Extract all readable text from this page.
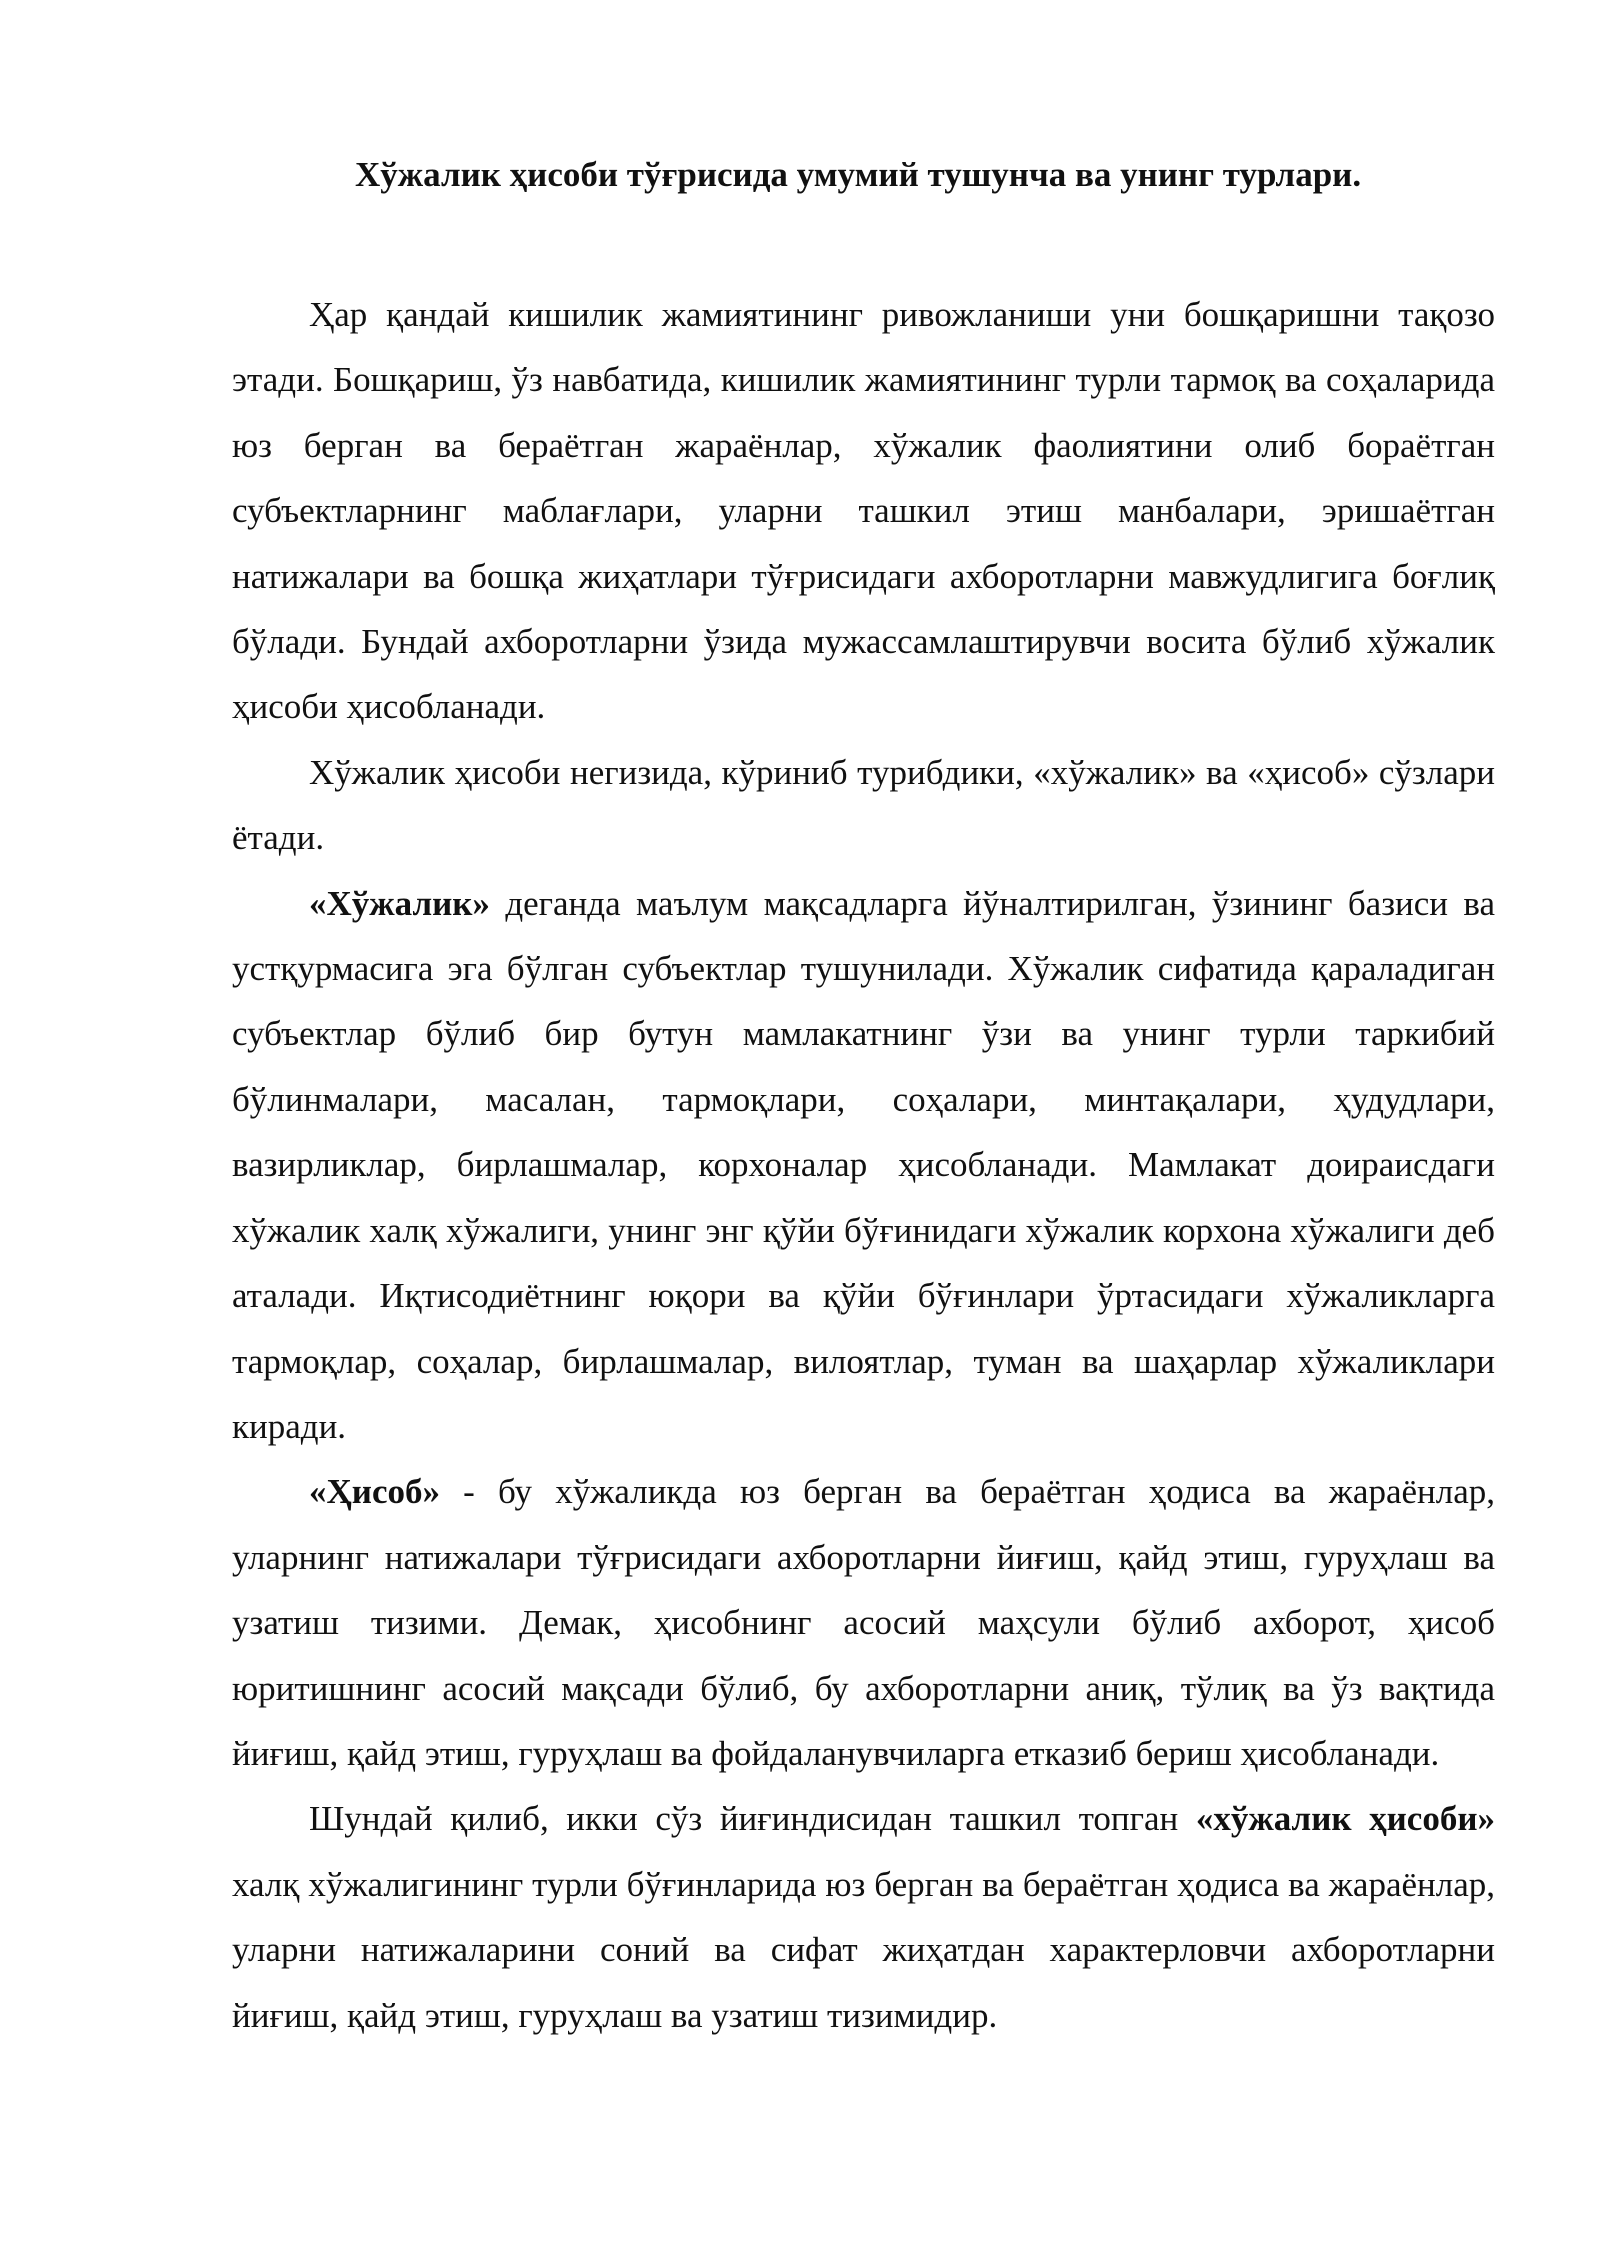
Хўжалик ҳисоби тўғрисида умумий тушунча ва унинг турлари.

Ҳар қандай кишилик жамиятининг ривожланиши уни бошқаришни тақозо этади. Бошқариш, ўз навбатида, кишилик жамиятининг турли тармоқ ва соҳаларида юз берган ва бераётган жараёнлар, хўжалик фаолиятини олиб бораётган субъектларнинг маблағлари, уларни ташкил этиш манбалари, эришаётган натижалари ва бошқа жиҳатлари тўғрисидаги ахборотларни мавжудлигига боғлиқ бўлади. Бундай ахборотларни ўзида мужассамлаштирувчи восита бўлиб хўжалик ҳисоби ҳисобланади.

Хўжалик ҳисоби негизида, кўриниб турибдики, «хўжалик» ва «ҳисоб» сўзлари ётади.

«Хўжалик» деганда маълум мақсадларга йўналтирилган, ўзининг базиси ва устқурмасига эга бўлган субъектлар тушунилади. Хўжалик сифатида қараладиган субъектлар бўлиб бир бутун мамлакатнинг ўзи ва унинг турли таркибий бўлинмалари, масалан, тармоқлари, соҳалари, минтақалари, ҳудудлари, вазирликлар, бирлашмалар, корхоналар ҳисобланади. Мамлакат доираисдаги хўжалик халқ хўжалиги, унинг энг қўйи бўғинидаги хўжалик корхона хўжалиги деб аталади. Иқтисодиётнинг юқори ва қўйи бўғинлари ўртасидаги хўжаликларга тармоқлар, соҳалар, бирлашмалар, вилоятлар, туман ва шаҳарлар хўжаликлари киради.

«Ҳисоб» - бу хўжаликда юз берган ва бераётган ҳодиса ва жараёнлар, уларнинг натижалари тўғрисидаги ахборотларни йиғиш, қайд этиш, гуруҳлаш ва узатиш тизими. Демак, ҳисобнинг асосий маҳсули бўлиб ахборот, ҳисоб юритишнинг асосий мақсади бўлиб, бу ахборотларни аниқ, тўлиқ ва ўз вақтида йиғиш, қайд этиш, гуруҳлаш ва фойдаланувчиларга етказиб бериш ҳисобланади.

Шундай қилиб, икки сўз йиғиндисидан ташкил топган «хўжалик ҳисоби» халқ хўжалигининг турли бўғинларида юз берган ва бераётган ҳодиса ва жараёнлар, уларни натижаларини соний ва сифат жиҳатдан характерловчи ахборотларни йиғиш, қайд этиш, гуруҳлаш ва узатиш тизимидир.
